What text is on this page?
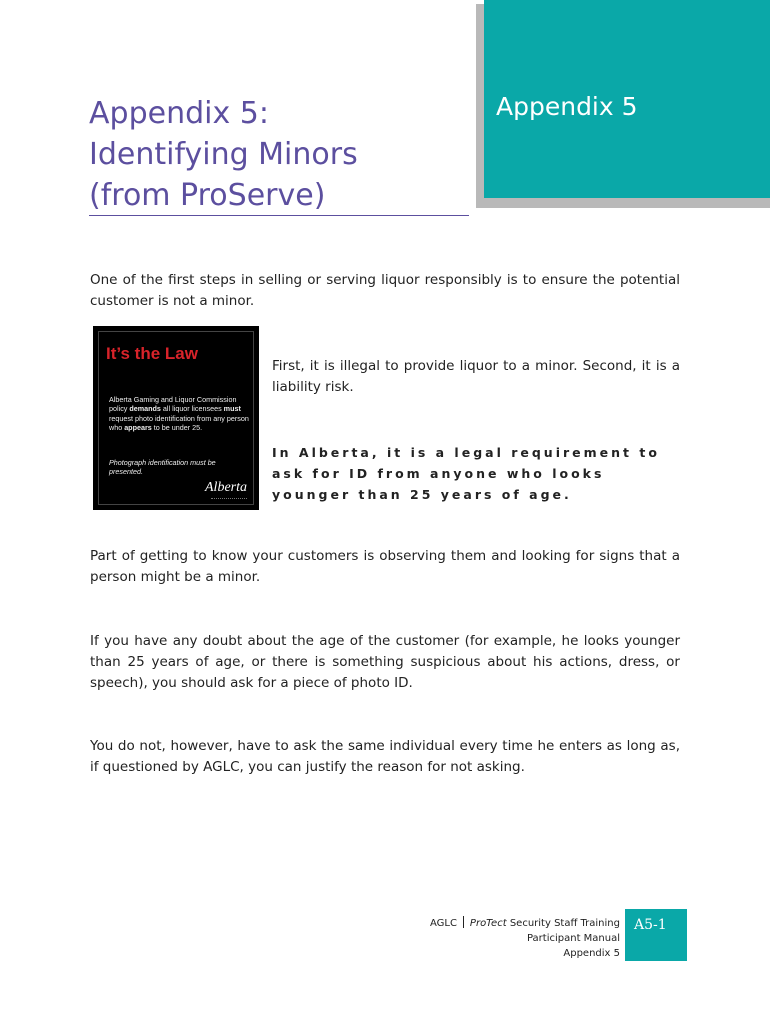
Appendix 5
Appendix 5:
Identifying Minors
(from ProServe)

One of the first steps in selling or serving liquor responsibly is to ensure the potential customer is not a minor.

It’s the Law
Alberta Gaming and Liquor Commission policy demands all liquor licensees must request photo identification from any person who appears to be under 25.
Photograph identification must be presented.
Alberta

First, it is illegal to provide liquor to a minor. Second, it is a liability risk.

In Alberta, it is a legal requirement to ask for ID from anyone who looks younger than 25 years of age.

Part of getting to know your customers is observing them and looking for signs that a person might be a minor.

If you have any doubt about the age of the customer (for example, he looks younger than 25 years of age, or there is something suspicious about his actions, dress, or speech), you should ask for a piece of photo ID.

You do not, however, have to ask the same individual every time he enters as long as, if questioned by AGLC, you can justify the reason for not asking.

AGLC ProTect Security Staff Training
Participant Manual
Appendix 5
A5-1
